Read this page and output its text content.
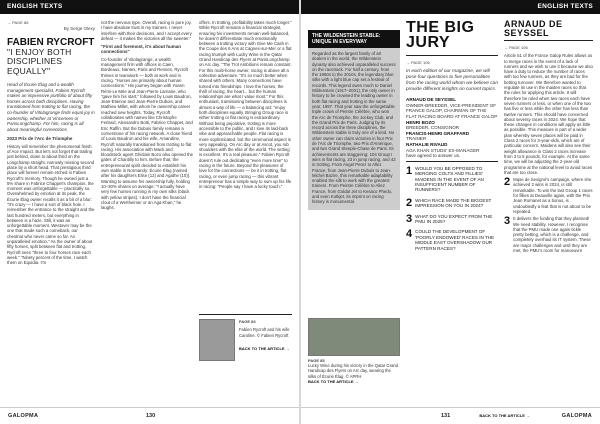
ENGLISH TEXTS
→ PAGE 86
By Serge Olexy
FABIEN RYCROFT
"I ENJOY BOTH DISCIPLINES EQUALLY"
Head of Écurie Élag and a wealth management specialist, Fabien Rycroft makes an impressive portfolio of about fifty horses across both disciplines. Having transitioned from trotting to flat racing, the co-founder of Vitolagrange finds equal joy in ownership, whether at Vincennes or ParisLongchamp. For him, racing is all about meaningful connections.
2023 Prix de l'Arc de Triomphe

History will remember the phenomenal finish of Ace Impact. But let's not forget that trailing just behind, down to about third on the Longchamp straight, narrowly missing second place by a short head. That prestigious third place will forever remain etched in Fabien Rycroft's memory. Though he owned just a 5% share in Fabrice Chappet's champion, the moment was unforgettable — practically so. Overwhelmed by emotion at its peak, the Écurie Élag owner recalls it as a bit of a blur: "It's crazy — I have a sort of black hole. I remember the entrance to the straight and the last hundred meters, but everything in between is a haze. Still, it was an unforgettable moment. Westover may be the one that made such a comeback, our chestnut who never came so far. An unparalleled emotion." As the owner of about fifty horses, split between flat and trotting, Rycroft sees "three to four horses race each week." "Ninety percent of the time, I watch them on Equidia. I'm

not the nervous type. Overall, racing is pure joy. I have absolute trust in my trainers. I never interfere with their decisions, and I accept every defeat — it makes the victories all the sweeter."

"First and foremost, it's about human connections"

Co-founder of Vitolagrange, a wealth management firm with offices in Caen, Bordeaux, Nantes, Paris and Rennes, Rycroft thrives in teamwork — both at work and in racing. "Horses are primarily about human connections." His journey began with Yoann Rémi-Le Mée and Jean-Pierre Larnarie, who "gave him his start," followed by Louis Baudron, Jean-Etienne and Jean-Pierre Dubois, and Mathieu Millet, with whom he ownership career reached new heights. Today, Rycroft collaborates with names like Christophe Ferland, Alessandro Botti, Fabrice Chappet, and Eric Raffin. But the Dubois family remains a cornerstone of his racing network. A close friend of Louis Baudron and his wife, Amandine, Rycroft naturally transitioned from trotting to flat racing. His association with Mack and bloodstock agent Ghislain Bozo also opened the gates of Chantilly to him. Before that, the entrepreneurial spirit decided to establish his own stable in Normandy: Écurie Élag (named after his daughters Elise (12) and Agathe (10)). Wanting to assume his ownership fully, holding 10–30% shares on average: "I actually have very few horses running in my own silks (black with yellow stripes). I don't have the financial clout of a Wertheimer or an Aga Khan," he laughs.

offers. In trotting, profitability takes much longer." While Rycroft remains a financial strategist, ensuring his investments remain well-balanced, he doesn't differentiate much emotionally between a trotting victory with Give Me Cash in the Coupe des 6 Ans at Cagnes-sur-Mer or a flat racing triumph with Lucky Wine in the Qatar Grand Handicap des Flyers at ParisLongchamp on Arc day. "The Trot Ambitions remain constant. For this multi-horse owner, racing is above all a collective adventure. "It's so much better when shared with others. Many connections have turned into friendships. I love the horses, the thrill of racing, the heart... but the human relationships are what I value most." For this enthusiast, transitioning between disciplines is almost a way of life — a balancing act: "enjoy both disciplines equally. Bringing Group race in either trotting or flat racing is extraordinary. Without being pejorative, trotting is more accessible to the public, and I love its laid-back vibe and approachable people. Flat racing is more sophisticated, but the ceremonial aspect is very appealing. On Arc day or at Ascot, you rub shoulders with the elite of the world. The setting is excellent. It's a real pleasure." Fabien Rycroft doesn't rule out dedicating "even more time" to racing in the future. Beyond the pleasures of love for the connections — be it in trotting, flat racing, or even jump racing — this vibrant entrepreneur has a simple way to sum up his life in racing: "People say I have a lucky touch."

PAGE 83
Fabien Rycroft and his wife Caroline. © Fabien Rycroft
BACK TO THE ARTICLE →
GALOPMA	130
ENGLISH TEXTS
THE WILDENSTEIN STABLE: UNIQUE IN EVERYWAY

Regarded as the largest family of art dealers in the world, the Wildenstein dynasty also achieved unparalleled success on the racetrack. For half a century, from the 1960s to the 2010s, the legendary blue silks with a light blue cap set a festival of records. This legend owes much to Daniel Wildenstein (1917–2001), the only owner in history to be crowned the leading owner in both flat racing and trotting in the same year, 1997. That year saw the unforgettable triple crown of Peintre Célèbre, who won the Arc de Triomphe, the Jockey Club, and the Grand Prix de Paris. Judging by its record across the three disciplines, the Wildenstein stable is truly one of a kind. No other owner can claim victories in four Prix de l'Arc de Triomphe, two Prix d'Amérique, and two Grand Steeple-Chase de Paris. Its achievements are staggering: 104 Group I wins in flat racing, 23 in jump racing, and 42 in trotting. From Angel Perez to Allez France, from Jean-Pierre Dubois to Jean-Michel Bazire, this remarkable adaptability enabled the silk to work with the greatest trainers. From Peintre Célèbre to Allez France, from Goldaï Jet to Kesaco Phedo, and even Kotkjet, its imprint on racing history is monumental.

THE BIG JURY
→ PAGE 106
In each edition of our magazine, we will pose four questions to five personalities from the racing world whom we believe can provide different insights on current topics.
ARNAUD DE SEYSSEL
OWNER-BREEDER, VICE-PRESIDENT OF FRANCE GALOP, CHAIRMAN OF THE FLAT RACING BOARD AT FRANCE GALOP
HENRI BOZO
BREEDER, CONSIGNOR
FRANCIS-HENRI GRAFFARD
TRAINER
NATHALIE RIVAUD
AGA KHAN STUDS' EX-MANAGER
have agreed to answer us.
1 WOULD YOU BE OPPOSED TO MERGING COLTS AND FILLIES' MAIDENS IN THE EVENT OF AN INSUFFICIENT NUMBER OF RUNNERS?
2 WHICH RACE MADE THE BIGGEST IMPRESSION ON YOU IN 2024?
3 WHAT DO YOU EXPECT FROM THE PMU IN 2025?
4 COULD THE DEVELOPMENT OF 'POORLY ENDOWED' RACES IN THE MIDDLE EAST OVERSHADOW OUR PATTERN RACES?
ARNAUD DE SEYSSEL
→ PAGE 106

Article 51 of the France Galop Rules allows us to merge races in the event of a lack of runners and we wish to use it because we also have a duty to reduce the number of races with too few runners, as they are bad for the betting turnover. We therefore wanted to regulate its use in the maiden races so that the rules for applying this article. It will therefore be ruled when two races each have seven runners or less, or when one of the two has five or less while the other has less than twelve runners. This should have concerned about seventy races in 2024. We hope that these changes in conditions will apply as little as possible. This measure is part of a wider plan whereby seven places will be paid in Class 2 races for 3-year-olds, which are of particular concern. Maidens will also see their weight allowance in Class 2 races increase from 3 to 5 pounds, for example. At the same time, we will be adjusting the 2-year-old programme at the national level to avoid races that are too close.

2 Mqse de Sevigné's campaign, where she achieved 2 wins in 2024, is still remarkable. To win the last Group 1 races for fillies at Deauville again, with the Prix Jean Romanet as a bonus, is undoubtedly a feat that is not about to be repeated.

3 It delivers the funding that they planned! We need stability. However, I recognise that the PMU made one again tickle pretty betting, which is a challenge, and completely overhaul its IT system. These are major challenges and until they are met, the PMU's room for manoeuvre

PAGE 85
Lucky Wine during his victory in the Qatar Grand Handicap des Flyers on Arc day, wearing the silks of Écurie Élag. © APRH
BACK TO THE ARTICLE →
131	BACK TO THE ARTICLE →	GALOPMA
